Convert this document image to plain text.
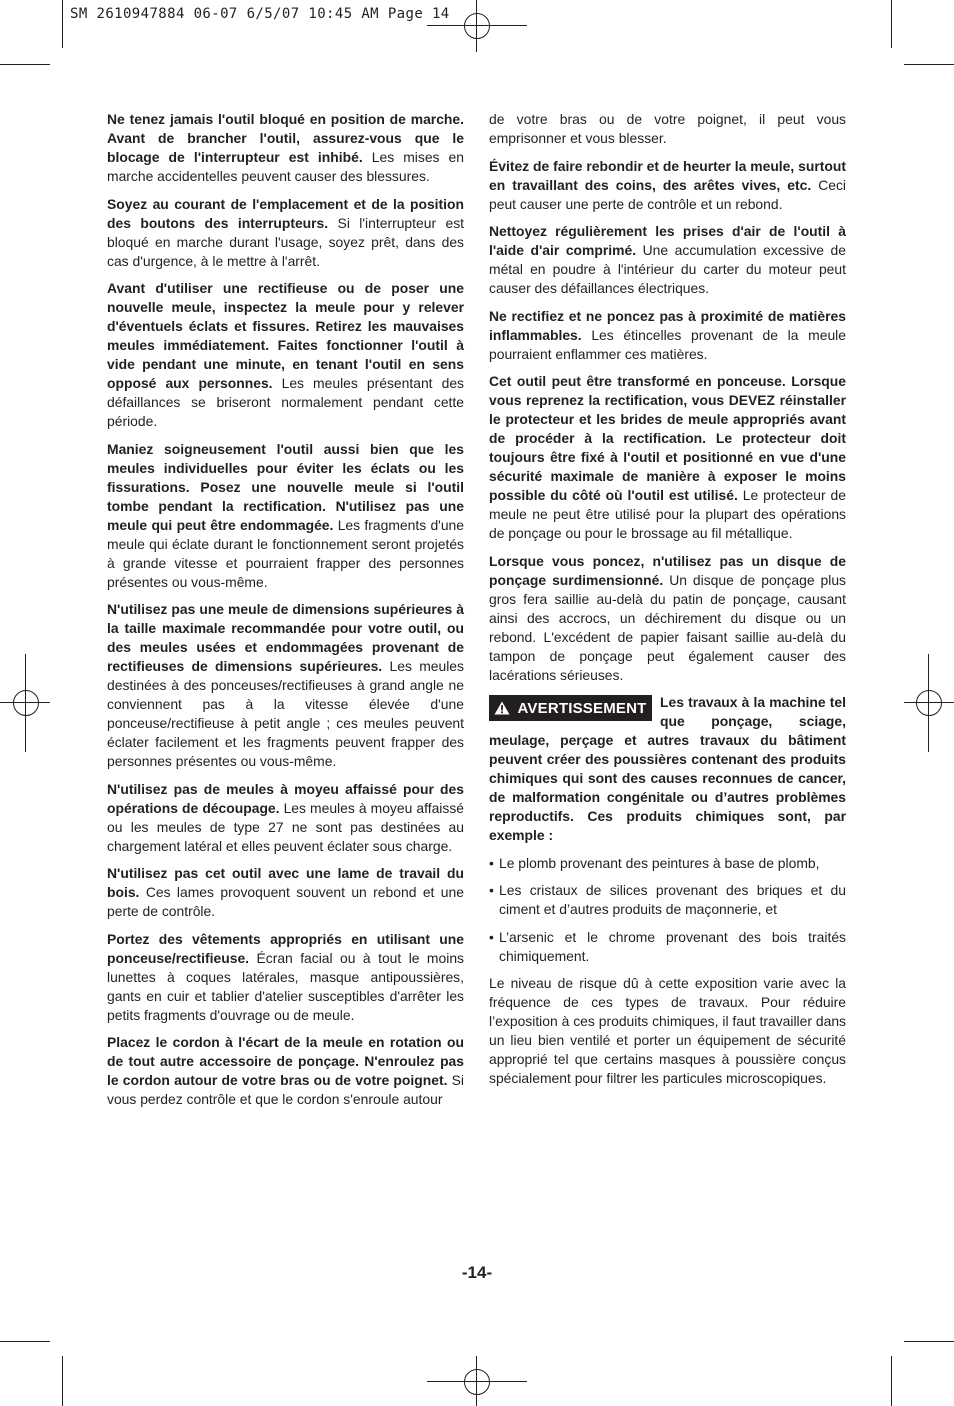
SM 2610947884 06-07 6/5/07 10:45 AM Page 14

Ne tenez jamais l'outil bloqué en position de marche. Avant de brancher l'outil, assurez-vous que le blocage de l'interrupteur est inhibé. Les mises en marche accidentelles peuvent causer des blessures.

Soyez au courant de l'emplacement et de la position des boutons des interrupteurs. Si l'interrupteur est bloqué en marche durant l'usage, soyez prêt, dans des cas d'urgence, à le mettre à l'arrêt.

Avant d'utiliser une rectifieuse ou de poser une nouvelle meule, inspectez la meule pour y relever d'éventuels éclats et fissures. Retirez les mauvaises meules immédiatement. Faites fonctionner l'outil à vide pendant une minute, en tenant l'outil en sens opposé aux personnes. Les meules présentant des défaillances se briseront normalement pendant cette période.

Maniez soigneusement l'outil aussi bien que les meules individuelles pour éviter les éclats ou les fissurations. Posez une nouvelle meule si l'outil tombe pendant la rectification. N'utilisez pas une meule qui peut être endommagée. Les fragments d'une meule qui éclate durant le fonctionnement seront projetés à grande vitesse et pourraient frapper des personnes présentes ou vous-même.

N'utilisez pas une meule de dimensions supérieures à la taille maximale recommandée pour votre outil, ou des meules usées et endommagées provenant de rectifieuses de dimensions supérieures. Les meules destinées à des ponceuses/rectifieuses à grand angle ne conviennent pas à la vitesse élevée d'une ponceuse/rectifieuse à petit angle ; ces meules peuvent éclater facilement et les fragments peuvent frapper des personnes présentes ou vous-même.

N'utilisez pas de meules à moyeu affaissé pour des opérations de découpage. Les meules à moyeu affaissé ou les meules de type 27 ne sont pas destinées au chargement latéral et elles peuvent éclater sous charge.

N'utilisez pas cet outil avec une lame de travail du bois. Ces lames provoquent souvent un rebond et une perte de contrôle.

Portez des vêtements appropriés en utilisant une ponceuse/rectifieuse. Écran facial ou à tout le moins lunettes à coques latérales, masque antipoussières, gants en cuir et tablier d'atelier susceptibles d'arrêter les petits fragments d'ouvrage ou de meule.

Placez le cordon à l'écart de la meule en rotation ou de tout autre accessoire de ponçage. N'enroulez pas le cordon autour de votre bras ou de votre poignet. Si vous perdez contrôle et que le cordon s'enroule autour

de votre bras ou de votre poignet, il peut vous emprisonner et vous blesser.

Évitez de faire rebondir et de heurter la meule, surtout en travaillant des coins, des arêtes vives, etc. Ceci peut causer une perte de contrôle et un rebond.

Nettoyez régulièrement les prises d'air de l'outil à l'aide d'air comprimé. Une accumulation excessive de métal en poudre à l'intérieur du carter du moteur peut causer des défaillances électriques.

Ne rectifiez et ne poncez pas à proximité de matières inflammables. Les étincelles provenant de la meule pourraient enflammer ces matières.

Cet outil peut être transformé en ponceuse. Lorsque vous reprenez la rectification, vous DEVEZ réinstaller le protecteur et les brides de meule appropriés avant de procéder à la rectification. Le protecteur doit toujours être fixé à l'outil et positionné en vue d'une sécurité maximale de manière à exposer le moins possible du côté où l'outil est utilisé. Le protecteur de meule ne peut être utilisé pour la plupart des opérations de ponçage ou pour le brossage au fil métallique.

Lorsque vous poncez, n'utilisez pas un disque de ponçage surdimensionné. Un disque de ponçage plus gros fera saillie au-delà du patin de ponçage, causant ainsi des accrocs, un déchirement du disque ou un rebond. L'excédent de papier faisant saillie au-delà du tampon de ponçage peut également causer des lacérations sérieuses.

AVERTISSEMENT Les travaux à la machine tel que ponçage, sciage, meulage, perçage et autres travaux du bâtiment peuvent créer des poussières contenant des produits chimiques qui sont des causes reconnues de cancer, de malformation congénitale ou d’autres problèmes reproductifs. Ces produits chimiques sont, par exemple :
• Le plomb provenant des peintures à base de plomb,
• Les cristaux de silices provenant des briques et du ciment et d’autres produits de maçonnerie, et
• L’arsenic et le chrome provenant des bois traités chimiquement.

Le niveau de risque dû à cette exposition varie avec la fréquence de ces types de travaux. Pour réduire l’exposition à ces produits chimiques, il faut travailler dans un lieu bien ventilé et porter un équipement de sécurité approprié tel que certains masques à poussière conçus spécialement pour filtrer les particules microscopiques.

-14-
